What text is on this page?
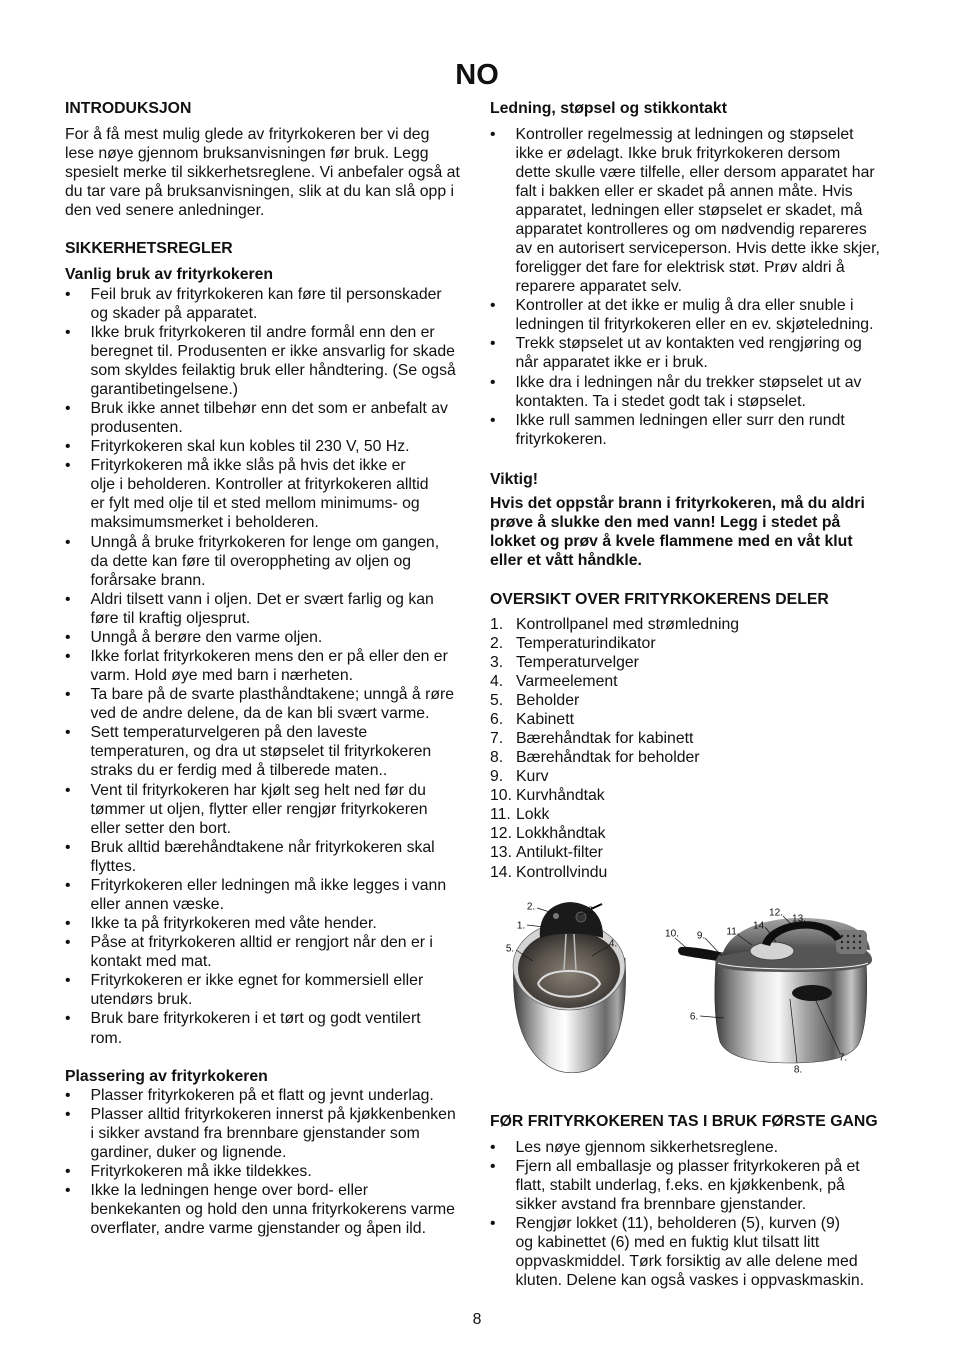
NO
INTRODUKSJON
For å få mest mulig glede av frityrkokeren ber vi deg
lese nøye gjennom bruksanvisningen før bruk. Legg
spesielt merke til sikkerhetsreglene. Vi anbefaler også at
du tar vare på bruksanvisningen, slik at du kan slå opp i
den ved senere anledninger.
SIKKERHETSREGLER
Vanlig bruk av frityrkokeren
• Feil bruk av frityrkokeren kan føre til personskader
og skader på apparatet.
• Ikke bruk frityrkokeren til andre formål enn den er
beregnet til. Produsenten er ikke ansvarlig for skade
som skyldes feilaktig bruk eller håndtering. (Se også
garantibetingelsene.)
• Bruk ikke annet tilbehør enn det som er anbefalt av
produsenten.
• Frityrkokeren skal kun kobles til 230 V, 50 Hz.
• Frityrkokeren må ikke slås på hvis det ikke er
olje i beholderen. Kontroller at frityrkokeren alltid
er fylt med olje til et sted mellom minimums- og
maksimumsmerket i beholderen.
• Unngå å bruke frityrkokeren for lenge om gangen,
da dette kan føre til overoppheting av oljen og
forårsake brann.
• Aldri tilsett vann i oljen. Det er svært farlig og kan
føre til kraftig oljesprut.
• Unngå å berøre den varme oljen.
• Ikke forlat frityrkokeren mens den er på eller den er
varm. Hold øye med barn i nærheten.
• Ta bare på de svarte plasthåndtakene; unngå å røre
ved de andre delene, da de kan bli svært varme.
• Sett temperaturvelgeren på den laveste
temperaturen, og dra ut støpselet til frityrkokeren
straks du er ferdig med å tilberede maten..
• Vent til frityrkokeren har kjølt seg helt ned før du
tømmer ut oljen, flytter eller rengjør frityrkokeren
eller setter den bort.
• Bruk alltid bærehåndtakene når frityrkokeren skal
flyttes.
• Frityrkokeren eller ledningen må ikke legges i vann
eller annen væske.
• Ikke ta på frityrkokeren med våte hender.
• Påse at frityrkokeren alltid er rengjort når den er i
kontakt med mat.
• Frityrkokeren er ikke egnet for kommersiell eller
utendørs bruk.
• Bruk bare frityrkokeren i et tørt og godt ventilert
rom.
Plassering av frityrkokeren
• Plasser frityrkokeren på et flatt og jevnt underlag.
• Plasser alltid frityrkokeren innerst på kjøkkenbenken
i sikker avstand fra brennbare gjenstander som
gardiner, duker og lignende.
• Frityrkokeren må ikke tildekkes.
• Ikke la ledningen henge over bord- eller
benkekanten og hold den unna frityrkokerens varme
overflater, andre varme gjenstander og åpen ild.
Ledning, støpsel og stikkontakt
• Kontroller regelmessig at ledningen og støpselet
ikke er ødelagt. Ikke bruk frityrkokeren dersom
dette skulle være tilfelle, eller dersom apparatet har
falt i bakken eller er skadet på annen måte. Hvis
apparatet, ledningen eller støpselet er skadet, må
apparatet kontrolleres og om nødvendig repareres
av en autorisert serviceperson. Hvis dette ikke skjer,
foreligger det fare for elektrisk støt. Prøv aldri å
reparere apparatet selv.
• Kontroller at det ikke er mulig å dra eller snuble i
ledningen til frityrkokeren eller en ev. skjøteledning.
• Trekk støpselet ut av kontakten ved rengjøring og
når apparatet ikke er i bruk.
• Ikke dra i ledningen når du trekker støpselet ut av
kontakten. Ta i stedet godt tak i støpselet.
• Ikke rull sammen ledningen eller surr den rundt
frityrkokeren.
Viktig!
Hvis det oppstår brann i frityrkokeren, må du aldri
prøve å slukke den med vann! Legg i stedet på
lokket og prøv å kvele flammene med en våt klut
eller et vått håndkle.
OVERSIKT OVER FRITYRKOKERENS DELER
1. Kontrollpanel med strømledning
2. Temperaturindikator
3. Temperaturvelger
4. Varmeelement
5. Beholder
6. Kabinett
7. Bærehåndtak for kabinett
8. Bærehåndtak for beholder
9. Kurv
10. Kurvhåndtak
11. Lokk
12. Lokkhåndtak
13. Antilukt-filter
14. Kontrollvindu
1.
2.	3.
4.
5.
6.
7.
8.
9.
10.	11.
12.
13.
14.
FØR FRITYRKOKEREN TAS I BRUK FØRSTE GANG
• Les nøye gjennom sikkerhetsreglene.
• Fjern all emballasje og plasser frityrkokeren på et
flatt, stabilt underlag, f.eks. en kjøkkenbenk, på
sikker avstand fra brennbare gjenstander.
• Rengjør lokket (11), beholderen (5), kurven (9)
og kabinettet (6) med en fuktig klut tilsatt litt
oppvaskmiddel. Tørk forsiktig av alle delene med
kluten. Delene kan også vaskes i oppvaskmaskin.
8
